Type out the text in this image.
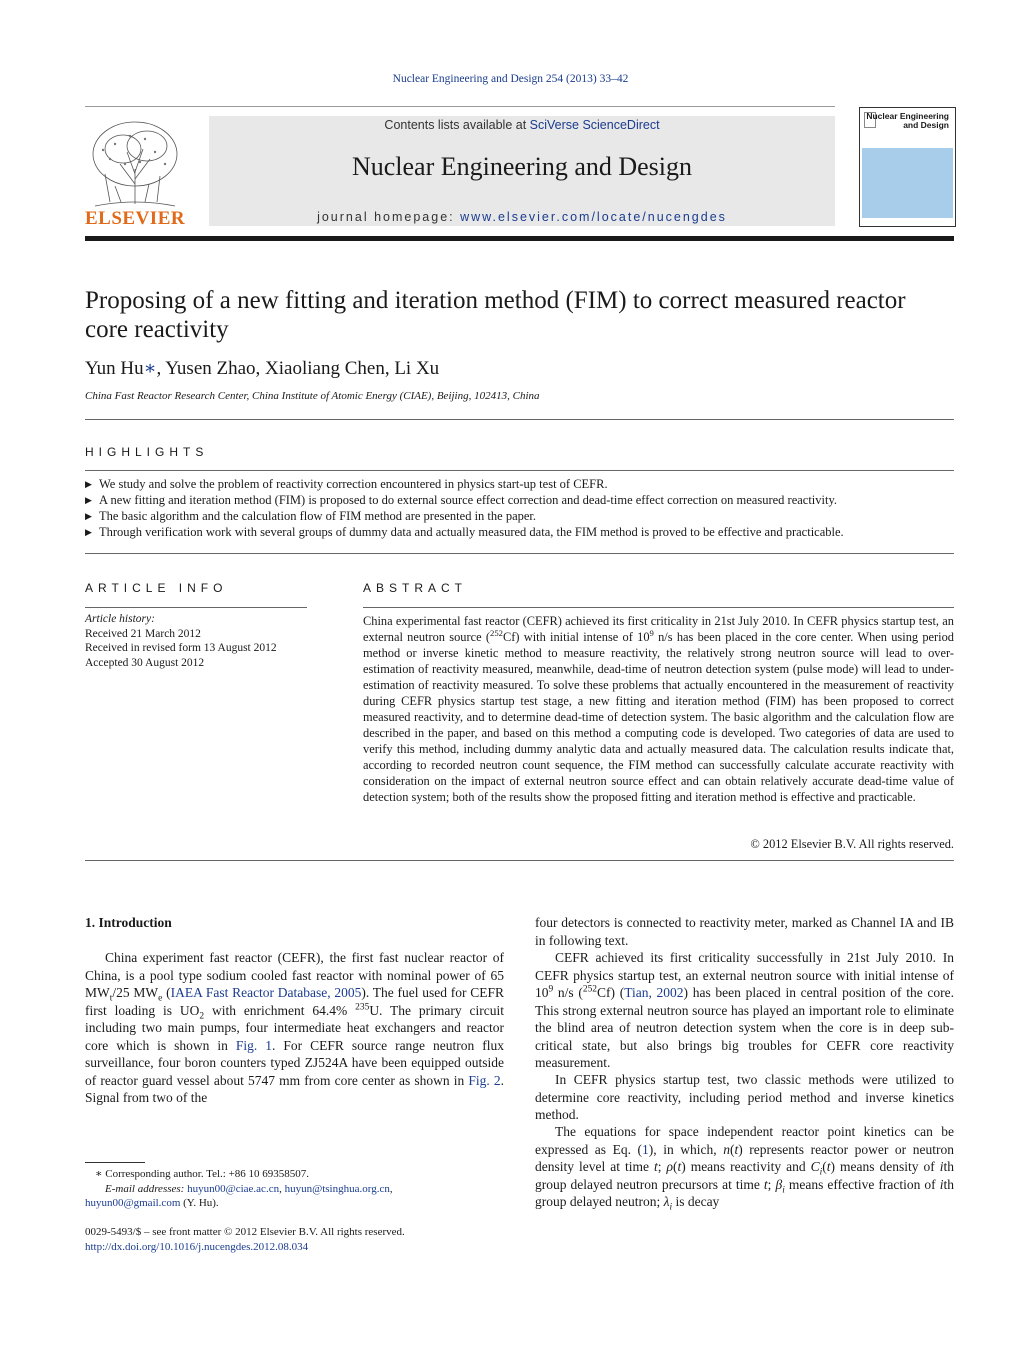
Nuclear Engineering and Design 254 (2013) 33–42
ELSEVIER
Contents lists available at SciVerse ScienceDirect
Nuclear Engineering and Design
journal homepage: www.elsevier.com/locate/nucengdes
Nuclear Engineering
and Design
Proposing of a new fitting and iteration method (FIM) to correct measured reactor core reactivity
Yun Hu∗, Yusen Zhao, Xiaoliang Chen, Li Xu
China Fast Reactor Research Center, China Institute of Atomic Energy (CIAE), Beijing, 102413, China
HIGHLIGHTS
▶ We study and solve the problem of reactivity correction encountered in physics start-up test of CEFR.
▶ A new fitting and iteration method (FIM) is proposed to do external source effect correction and dead-time effect correction on measured reactivity.
▶ The basic algorithm and the calculation flow of FIM method are presented in the paper.
▶ Through verification work with several groups of dummy data and actually measured data, the FIM method is proved to be effective and practicable.
ARTICLE INFO
Article history:
Received 21 March 2012
Received in revised form 13 August 2012
Accepted 30 August 2012
ABSTRACT
China experimental fast reactor (CEFR) achieved its first criticality in 21st July 2010. In CEFR physics startup test, an external neutron source ($^{252}$Cf) with initial intense of $10^9$ n/s has been placed in the core center. When using period method or inverse kinetic method to measure reactivity, the relatively strong neutron source will lead to over-estimation of reactivity measured, meanwhile, dead-time of neutron detection system (pulse mode) will lead to under-estimation of reactivity measured. To solve these problems that actually encountered in the measurement of reactivity during CEFR physics startup test stage, a new fitting and iteration method (FIM) has been proposed to correct measured reactivity, and to determine dead-time of detection system. The basic algorithm and the calculation flow are described in the paper, and based on this method a computing code is developed. Two categories of data are used to verify this method, including dummy analytic data and actually measured data. The calculation results indicate that, according to recorded neutron count sequence, the FIM method can successfully calculate accurate reactivity with consideration on the impact of external neutron source effect and can obtain relatively accurate dead-time value of detection system; both of the results show the proposed fitting and iteration method is effective and practicable.
© 2012 Elsevier B.V. All rights reserved.
1. Introduction
China experiment fast reactor (CEFR), the first fast nuclear reactor of China, is a pool type sodium cooled fast reactor with nominal power of 65 $MW_t/25$ $MW_e$ (IAEA Fast Reactor Database, 2005). The fuel used for CEFR first loading is $UO_2$ with enrichment 64.4% $^{235}$U. The primary circuit including two main pumps, four intermediate heat exchangers and reactor core which is shown in Fig. 1. For CEFR source range neutron flux surveillance, four boron counters typed ZJ524A have been equipped outside of reactor guard vessel about 5747 mm from core center as shown in Fig. 2. Signal from two of the
∗ Corresponding author. Tel.: +86 10 69358507.
E-mail addresses: huyun00@ciae.ac.cn, huyun@tsinghua.org.cn,
huyun00@gmail.com (Y. Hu).
0029-5493/$ – see front matter © 2012 Elsevier B.V. All rights reserved.
http://dx.doi.org/10.1016/j.nucengdes.2012.08.034
four detectors is connected to reactivity meter, marked as Channel IA and IB in following text.
CEFR achieved its first criticality successfully in 21st July 2010. In CEFR physics startup test, an external neutron source with initial intense of $10^9$ n/s ($^{252}$Cf) (Tian, 2002) has been placed in central position of the core. This strong external neutron source has played an important role to eliminate the blind area of neutron detection system when the core is in deep sub-critical state, but also brings big troubles for CEFR core reactivity measurement.
In CEFR physics startup test, two classic methods were utilized to determine core reactivity, including period method and inverse kinetics method.
The equations for space independent reactor point kinetics can be expressed as Eq. (1), in which, n(t) represents reactor power or neutron density level at time t; ρ(t) means reactivity and $C_i(t)$ means density of ith group delayed neutron precursors at time t; $\beta_i$ means effective fraction of ith group delayed neutron; $\lambda_i$ is decay
